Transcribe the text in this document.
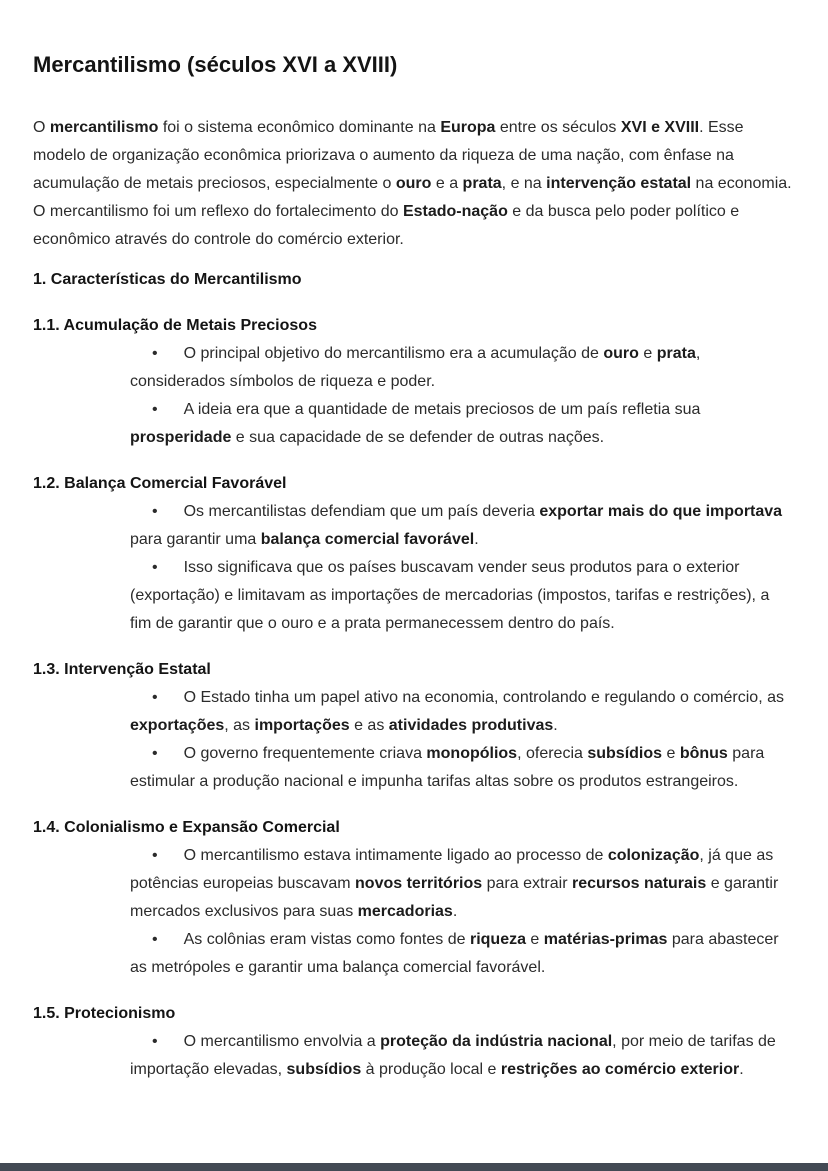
Mercantilismo (séculos XVI a XVIII)

O mercantilismo foi o sistema econômico dominante na Europa entre os séculos XVI e XVIII. Esse modelo de organização econômica priorizava o aumento da riqueza de uma nação, com ênfase na acumulação de metais preciosos, especialmente o ouro e a prata, e na intervenção estatal na economia. O mercantilismo foi um reflexo do fortalecimento do Estado-nação e da busca pelo poder político e econômico através do controle do comércio exterior.

1. Características do Mercantilismo
1.1. Acumulação de Metais Preciosos
• O principal objetivo do mercantilismo era a acumulação de ouro e prata, considerados símbolos de riqueza e poder.
• A ideia era que a quantidade de metais preciosos de um país refletia sua prosperidade e sua capacidade de se defender de outras nações.
1.2. Balança Comercial Favorável
• Os mercantilistas defendiam que um país deveria exportar mais do que importava para garantir uma balança comercial favorável.
• Isso significava que os países buscavam vender seus produtos para o exterior (exportação) e limitavam as importações de mercadorias (impostos, tarifas e restrições), a fim de garantir que o ouro e a prata permanecessem dentro do país.
1.3. Intervenção Estatal
• O Estado tinha um papel ativo na economia, controlando e regulando o comércio, as exportações, as importações e as atividades produtivas.
• O governo frequentemente criava monopólios, oferecia subsídios e bônus para estimular a produção nacional e impunha tarifas altas sobre os produtos estrangeiros.
1.4. Colonialismo e Expansão Comercial
• O mercantilismo estava intimamente ligado ao processo de colonização, já que as potências europeias buscavam novos territórios para extrair recursos naturais e garantir mercados exclusivos para suas mercadorias.
• As colônias eram vistas como fontes de riqueza e matérias-primas para abastecer as metrópoles e garantir uma balança comercial favorável.
1.5. Protecionismo
• O mercantilismo envolvia a proteção da indústria nacional, por meio de tarifas de importação elevadas, subsídios à produção local e restrições ao comércio exterior.
